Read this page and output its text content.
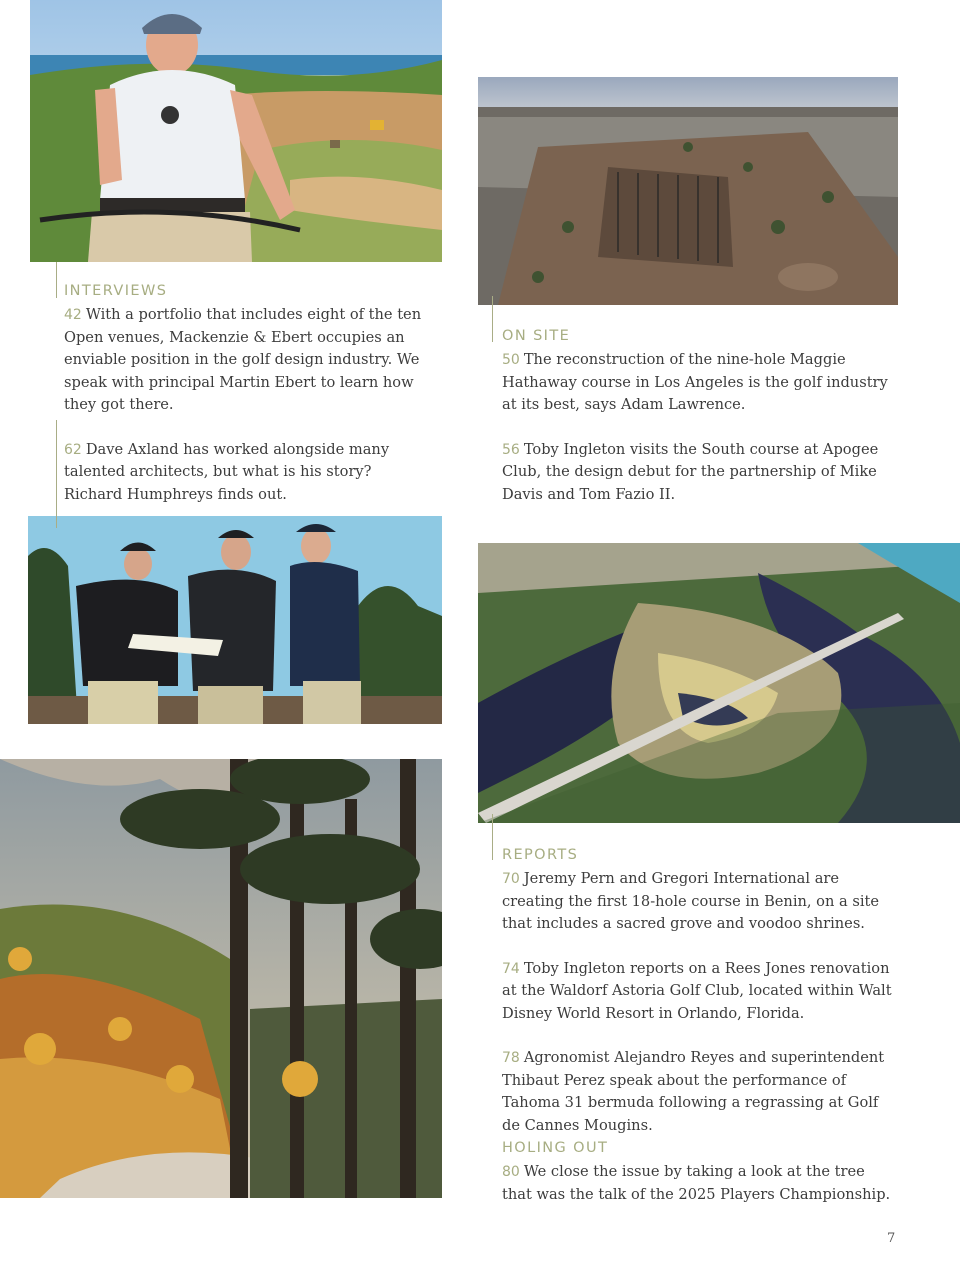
INTERVIEWS

42 With a portfolio that includes eight of the ten Open venues, Mackenzie & Ebert occupies an enviable position in the golf design industry. We speak with principal Martin Ebert to learn how they got there.

62 Dave Axland has worked alongside many talented architects, but what is his story? Richard Humphreys finds out.

ON SITE

50 The reconstruction of the nine-hole Maggie Hathaway course in Los Angeles is the golf industry at its best, says Adam Lawrence.

56 Toby Ingleton visits the South course at Apogee Club, the design debut for the partnership of Mike Davis and Tom Fazio II.

REPORTS

70 Jeremy Pern and Gregori International are creating the first 18-hole course in Benin, on a site that includes a sacred grove and voodoo shrines.

74 Toby Ingleton reports on a Rees Jones renovation at the Waldorf Astoria Golf Club, located within Walt Disney World Resort in Orlando, Florida.

78 Agronomist Alejandro Reyes and superintendent Thibaut Perez speak about the performance of Tahoma 31 bermuda following a regrassing at Golf de Cannes Mougins.

HOLING OUT

80 We close the issue by taking a look at the tree that was the talk of the 2025 Players Championship.

7
